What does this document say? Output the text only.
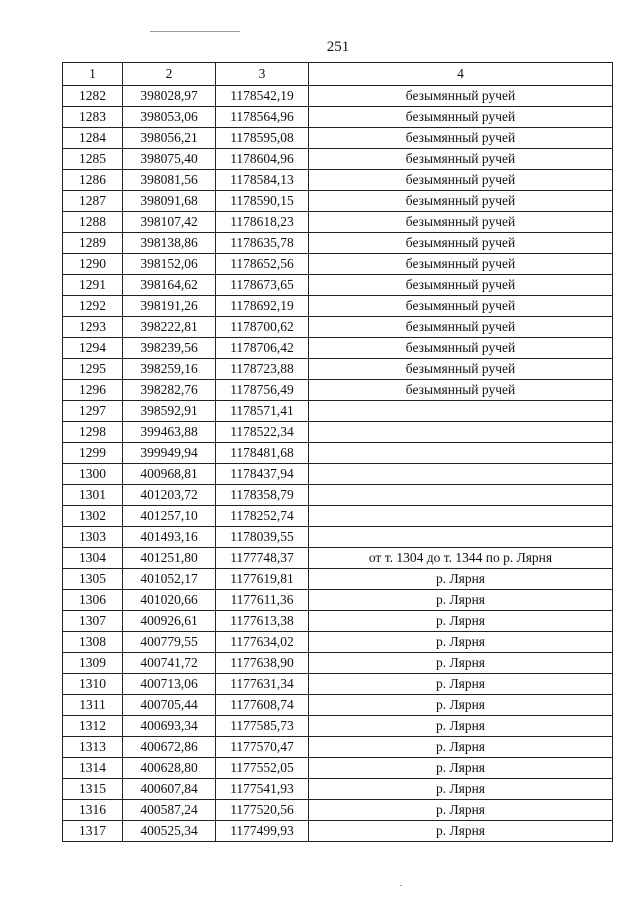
251
1	2	3	4
1282	398028,97	1178542,19	безымянный ручей
1283	398053,06	1178564,96	безымянный ручей
1284	398056,21	1178595,08	безымянный ручей
1285	398075,40	1178604,96	безымянный ручей
1286	398081,56	1178584,13	безымянный ручей
1287	398091,68	1178590,15	безымянный ручей
1288	398107,42	1178618,23	безымянный ручей
1289	398138,86	1178635,78	безымянный ручей
1290	398152,06	1178652,56	безымянный ручей
1291	398164,62	1178673,65	безымянный ручей
1292	398191,26	1178692,19	безымянный ручей
1293	398222,81	1178700,62	безымянный ручей
1294	398239,56	1178706,42	безымянный ручей
1295	398259,16	1178723,88	безымянный ручей
1296	398282,76	1178756,49	безымянный ручей
1297	398592,91	1178571,41	
1298	399463,88	1178522,34	
1299	399949,94	1178481,68	
1300	400968,81	1178437,94	
1301	401203,72	1178358,79	
1302	401257,10	1178252,74	
1303	401493,16	1178039,55	
1304	401251,80	1177748,37	от т. 1304 до т. 1344 по р. Лярня
1305	401052,17	1177619,81	р. Лярня
1306	401020,66	1177611,36	р. Лярня
1307	400926,61	1177613,38	р. Лярня
1308	400779,55	1177634,02	р. Лярня
1309	400741,72	1177638,90	р. Лярня
1310	400713,06	1177631,34	р. Лярня
1311	400705,44	1177608,74	р. Лярня
1312	400693,34	1177585,73	р. Лярня
1313	400672,86	1177570,47	р. Лярня
1314	400628,80	1177552,05	р. Лярня
1315	400607,84	1177541,93	р. Лярня
1316	400587,24	1177520,56	р. Лярня
1317	400525,34	1177499,93	р. Лярня
